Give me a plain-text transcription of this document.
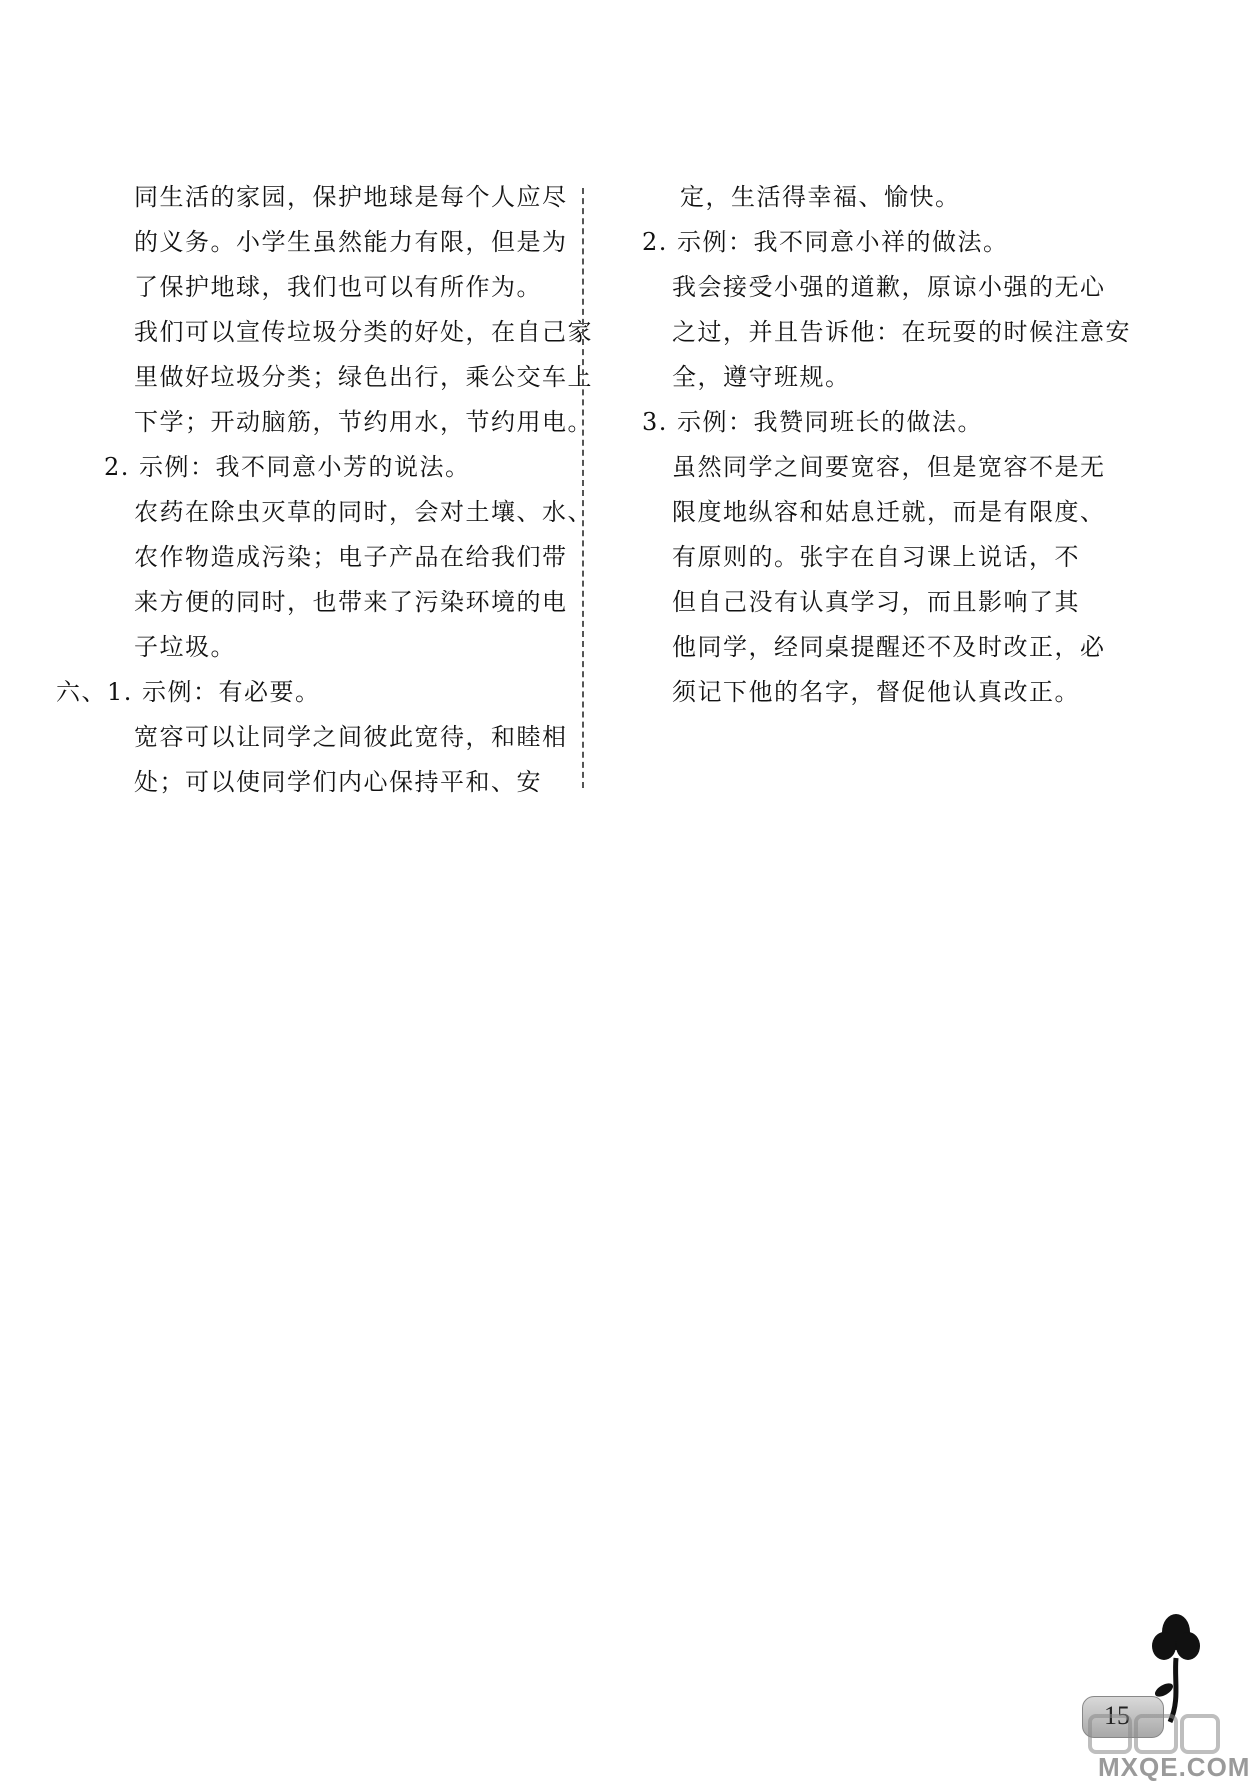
同生活的家园，保护地球是每个人应尽
的义务。小学生虽然能力有限，但是为
了保护地球，我们也可以有所作为。
我们可以宣传垃圾分类的好处，在自己家
里做好垃圾分类；绿色出行，乘公交车上
下学；开动脑筋，节约用水，节约用电。
2. 示例：我不同意小芳的说法。
农药在除虫灭草的同时，会对土壤、水、
农作物造成污染；电子产品在给我们带
来方便的同时，也带来了污染环境的电
子垃圾。
六、1. 示例：有必要。
宽容可以让同学之间彼此宽待，和睦相
处；可以使同学们内心保持平和、安
定，生活得幸福、愉快。
2. 示例：我不同意小祥的做法。
我会接受小强的道歉，原谅小强的无心
之过，并且告诉他：在玩耍的时候注意安
全，遵守班规。
3. 示例：我赞同班长的做法。
虽然同学之间要宽容，但是宽容不是无
限度地纵容和姑息迁就，而是有限度、
有原则的。张宇在自习课上说话，不
但自己没有认真学习，而且影响了其
他同学，经同桌提醒还不及时改正，必
须记下他的名字，督促他认真改正。
15
MXQE.COM
